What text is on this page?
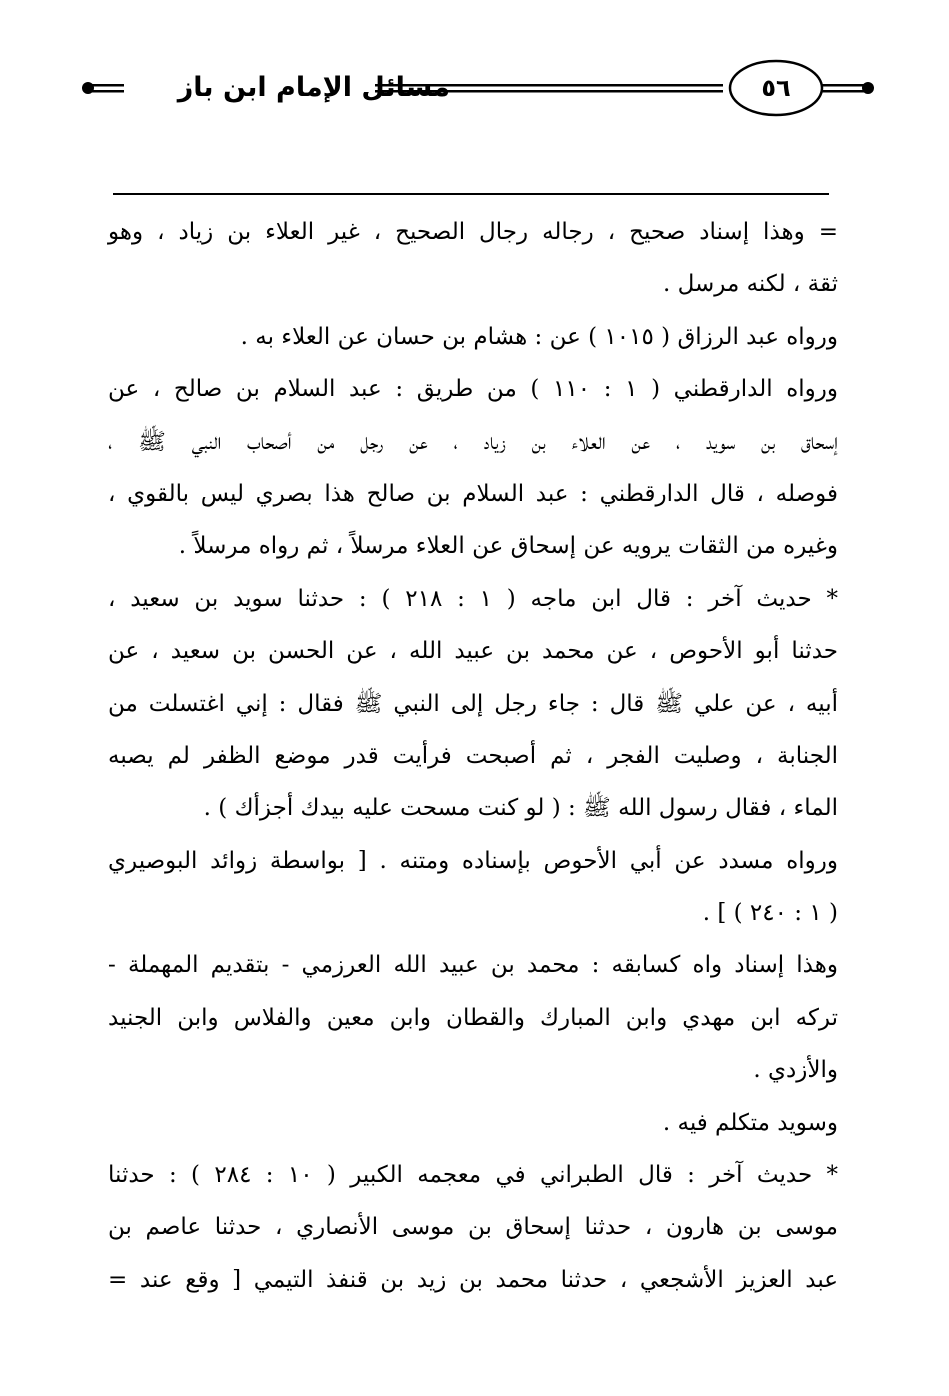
مسائل الإمام ابن باز	٥٦
= وهذا إسناد صحيح ، رجاله رجال الصحيح ، غير العلاء بن زياد ، وهو
ثقة ، لكنه مرسل .
ورواه عبد الرزاق ( ١٠١٥ ) عن : هشام بن حسان عن العلاء به .
ورواه الدارقطني ( ١ : ١١٠ ) من طريق : عبد السلام بن صالح ، عن
إسحاق بن سويد ، عن العلاء بن زياد ، عن رجل من أصحاب النبي ﷺ ،
فوصله ، قال الدارقطني : عبد السلام بن صالح هذا بصري ليس بالقوي ،
وغيره من الثقات يرويه عن إسحاق عن العلاء مرسلاً ، ثم رواه مرسلاً .
* حديث آخر : قال ابن ماجه ( ١ : ٢١٨ ) : حدثنا سويد بن سعيد ،
حدثنا أبو الأحوص ، عن محمد بن عبيد الله ، عن الحسن بن سعيد ، عن
أبيه ، عن علي ﷺ قال : جاء رجل إلى النبي ﷺ فقال : إني اغتسلت من
الجنابة ، وصليت الفجر ، ثم أصبحت فرأيت قدر موضع الظفر لم يصبه
الماء ، فقال رسول الله ﷺ : ( لو كنت مسحت عليه بيدك أجزأك ) .
ورواه مسدد عن أبي الأحوص بإسناده ومتنه . [ بواسطة زوائد البوصيري
( ١ : ٢٤٠ ) ] .
وهذا إسناد واه كسابقه : محمد بن عبيد الله العرزمي - بتقديم المهملة -
تركه ابن مهدي وابن المبارك والقطان وابن معين والفلاس وابن الجنيد
والأزدي .
وسويد متكلم فيه .
* حديث آخر : قال الطبراني في معجمه الكبير ( ١٠ : ٢٨٤ ) : حدثنا
موسى بن هارون ، حدثنا إسحاق بن موسى الأنصاري ، حدثنا عاصم بن
عبد العزيز الأشجعي ، حدثنا محمد بن زيد بن قنفذ التيمي [ وقع عند =
